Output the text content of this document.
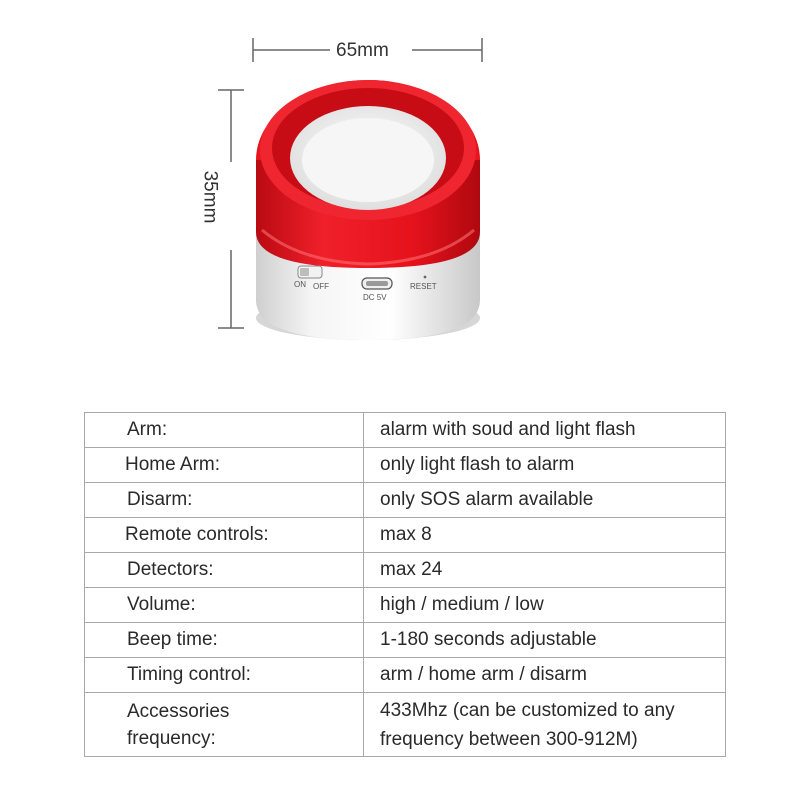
ON OFF
DC 5V
RESET
65mm
35mm
Arm:	alarm with soud and light flash
Home Arm:	only light flash to alarm
Disarm:	only SOS alarm available
Remote controls:	max 8
Detectors:	max 24
Volume:	high / medium / low
Beep time:	1-180 seconds adjustable
Timing control:	arm / home arm / disarm
Accessories
frequency:	433Mhz (can be customized to any
frequency between 300-912M)
